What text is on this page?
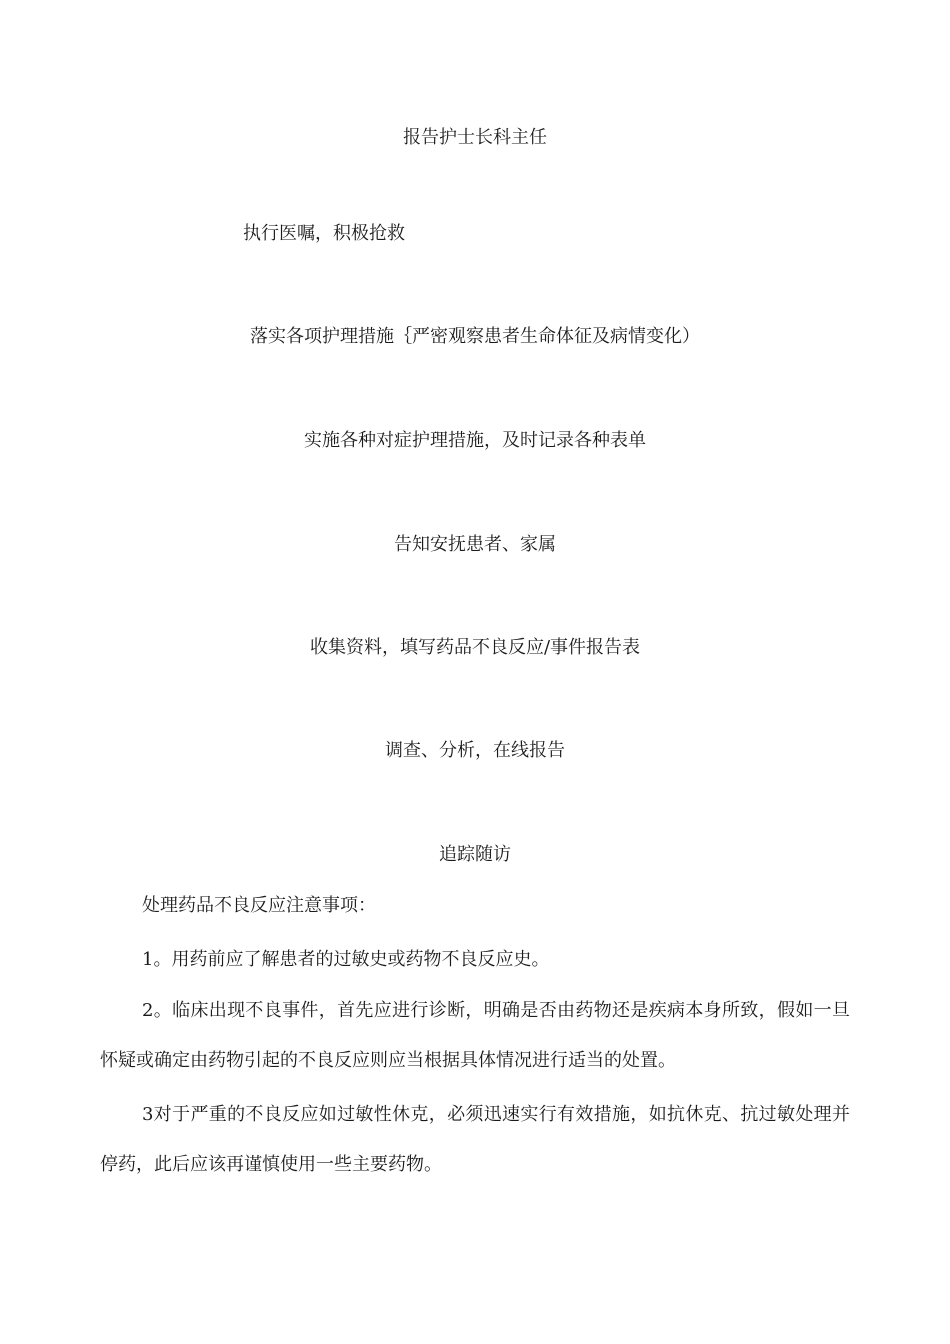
报告护士长科主任
执行医嘱，积极抢救
落实各项护理措施｛严密观察患者生命体征及病情变化）
实施各种对症护理措施，及时记录各种表单
告知安抚患者、家属
收集资料，填写药品不良反应/事件报告表
调查、分析，在线报告
追踪随访

处理药品不良反应注意事项：

1。用药前应了解患者的过敏史或药物不良反应史。

2。临床出现不良事件，首先应进行诊断，明确是否由药物还是疾病本身所致，假如一旦怀疑或确定由药物引起的不良反应则应当根据具体情况进行适当的处置。

3对于严重的不良反应如过敏性休克，必须迅速实行有效措施，如抗休克、抗过敏处理并停药，此后应该再谨慎使用一些主要药物。
